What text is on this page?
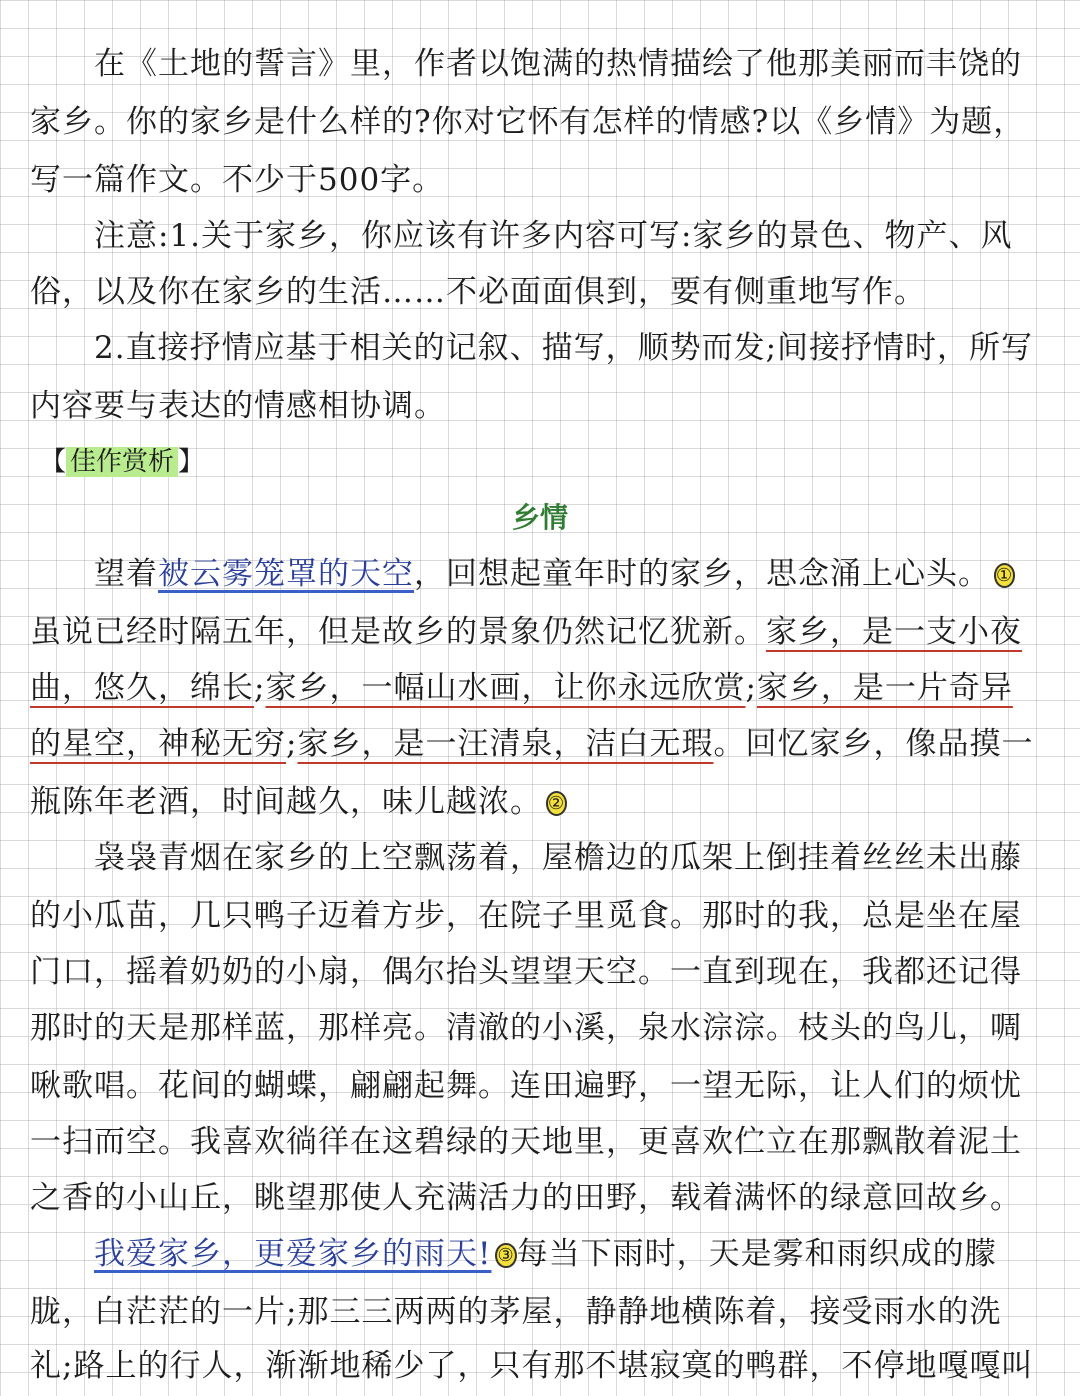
　　在《土地的誓言》里，作者以饱满的热情描绘了他那美丽而丰饶的
家乡。你的家乡是什么样的?你对它怀有怎样的情感?以《乡情》为题，
写一篇作文。不少于500字。
　　注意:1.关于家乡，你应该有许多内容可写:家乡的景色、物产、风
俗，以及你在家乡的生活……不必面面俱到，要有侧重地写作。
　　2.直接抒情应基于相关的记叙、描写，顺势而发;间接抒情时，所写
内容要与表达的情感相协调。
【 佳作赏析 】
乡情
　　望着被云雾笼罩的天空，回想起童年时的家乡，思念涌上心头。 ①
虽说已经时隔五年，但是故乡的景象仍然记忆犹新。家乡，是一支小夜
曲，悠久，绵长;家乡，一幅山水画，让你永远欣赏;家乡，是一片奇异
的星空，神秘无穷;家乡，是一汪清泉，洁白无瑕。回忆家乡，像品摸一
瓶陈年老酒，时间越久，味儿越浓。 ②
　　袅袅青烟在家乡的上空飘荡着，屋檐边的瓜架上倒挂着丝丝未出藤
的小瓜苗，几只鸭子迈着方步，在院子里觅食。那时的我，总是坐在屋
门口，摇着奶奶的小扇，偶尔抬头望望天空。一直到现在，我都还记得
那时的天是那样蓝，那样亮。清澈的小溪，泉水淙淙。枝头的鸟儿，啁
啾歌唱。花间的蝴蝶，翩翩起舞。连田遍野，一望无际，让人们的烦忧
一扫而空。我喜欢徜徉在这碧绿的天地里，更喜欢伫立在那飘散着泥土
之香的小山丘，眺望那使人充满活力的田野，载着满怀的绿意回故乡。
　　我爱家乡，更爱家乡的雨天! ③每当下雨时，天是雾和雨织成的朦
胧，白茫茫的一片;那三三两两的茅屋，静静地横陈着，接受雨水的洗
礼;路上的行人，渐渐地稀少了，只有那不堪寂寞的鸭群，不停地嘎嘎叫
